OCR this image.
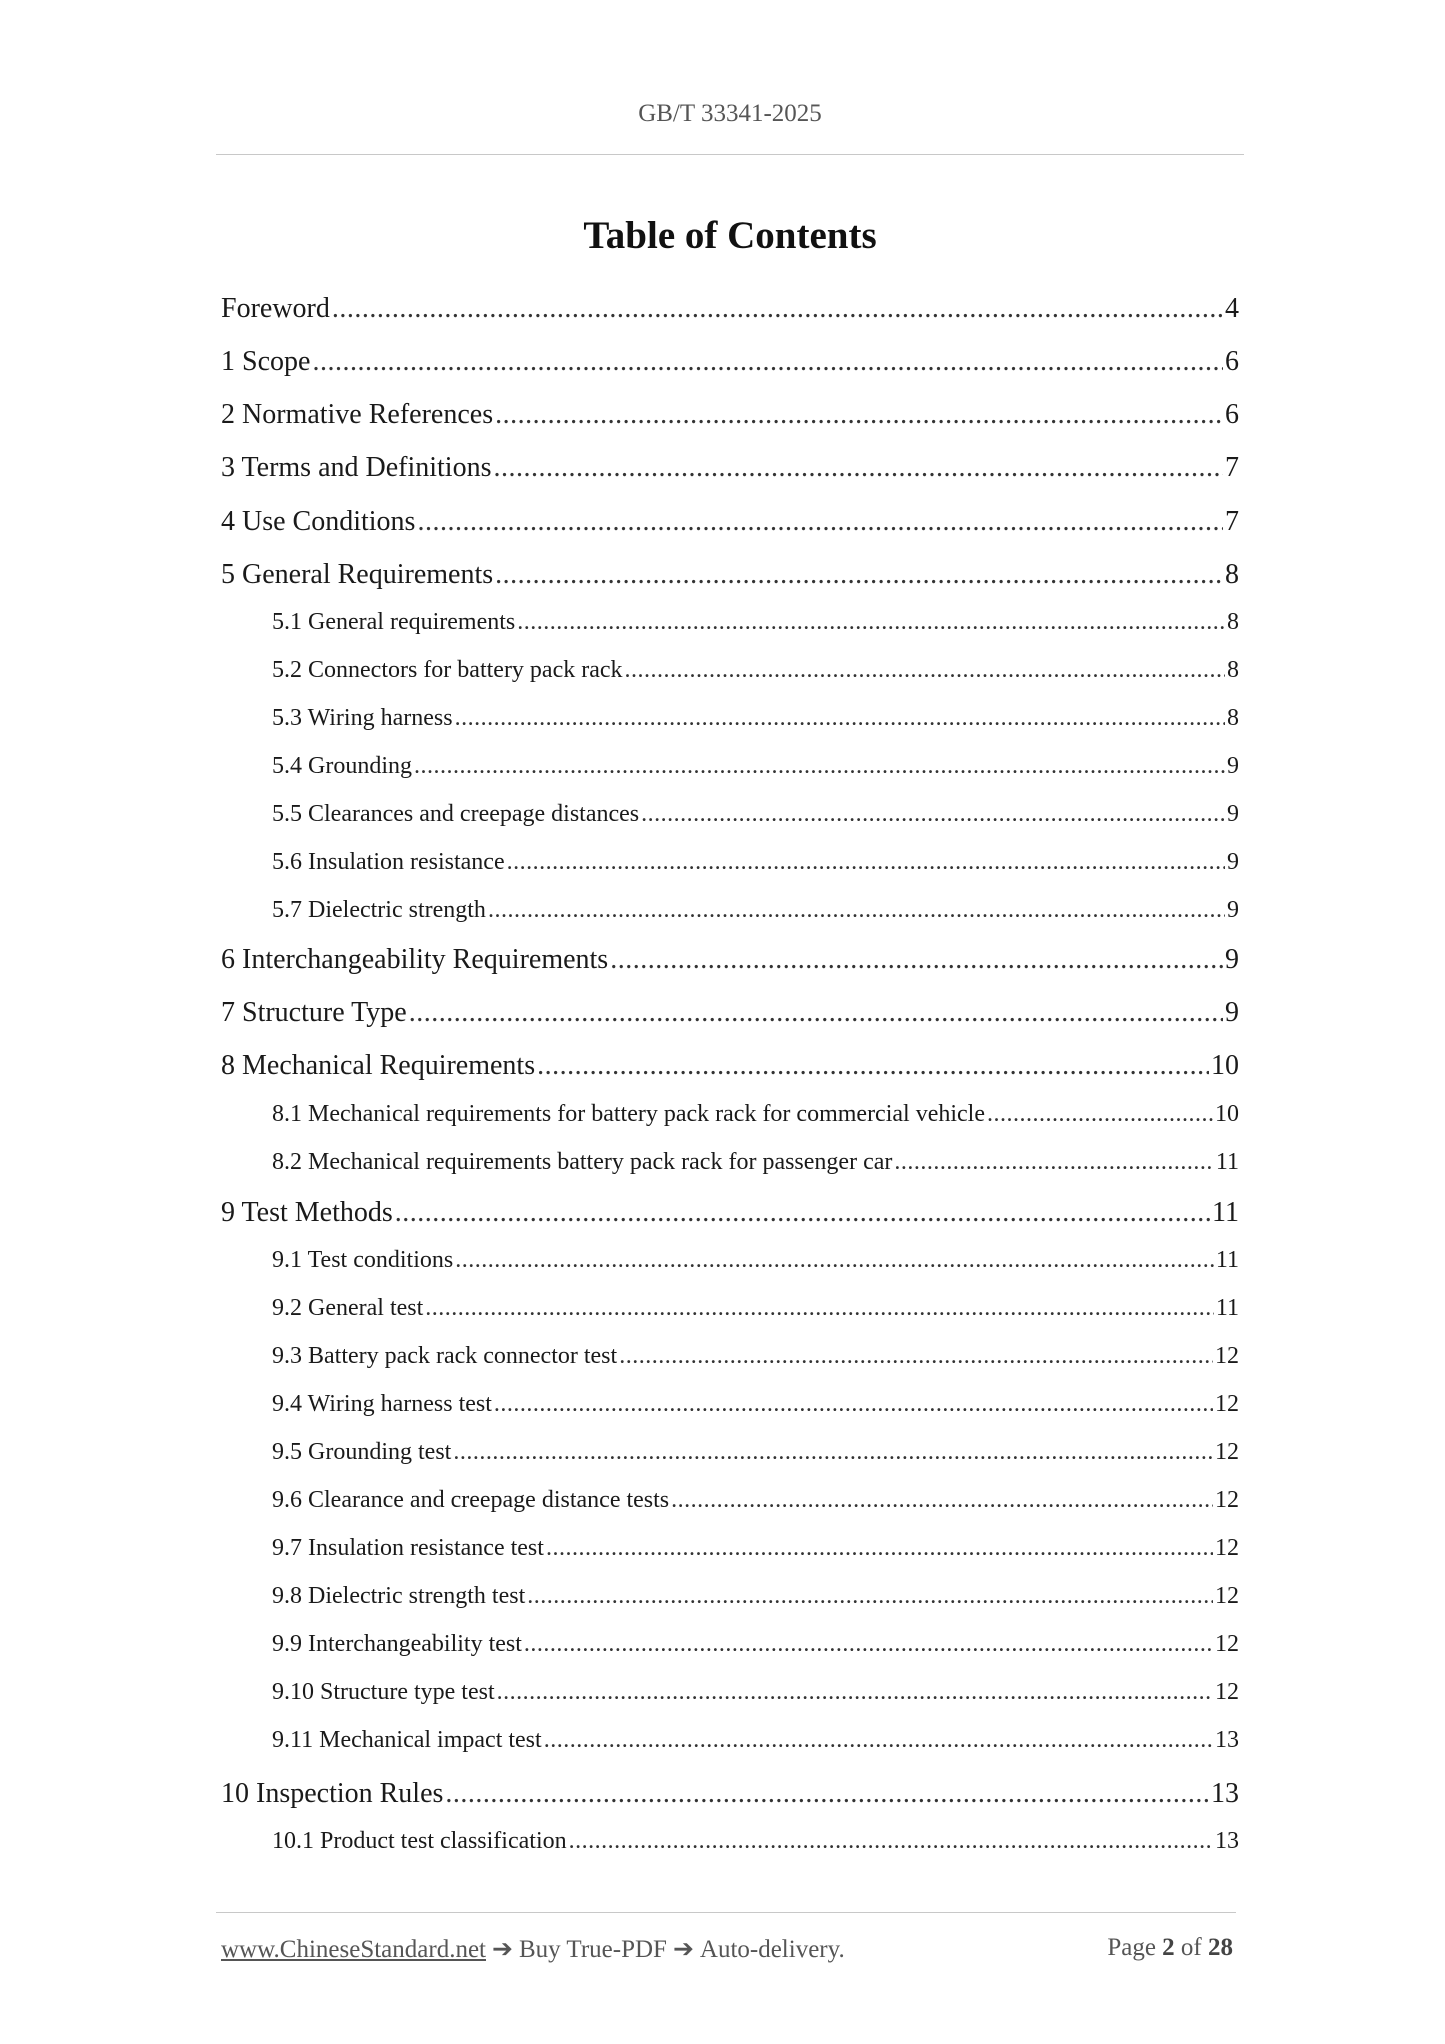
GB/T 33341-2025
Table of Contents
Foreword .....	4
1 Scope .....	6
2 Normative References .....	6
3 Terms and Definitions .....	7
4 Use Conditions .....	7
5 General Requirements .....	8
5.1 General requirements .....	8
5.2 Connectors for battery pack rack .....	8
5.3 Wiring harness .....	8
5.4 Grounding .....	9
5.5 Clearances and creepage distances .....	9
5.6 Insulation resistance .....	9
5.7 Dielectric strength .....	9
6 Interchangeability Requirements .....	9
7 Structure Type .....	9
8 Mechanical Requirements .....	10
8.1 Mechanical requirements for battery pack rack for commercial vehicle .....	10
8.2 Mechanical requirements battery pack rack for passenger car .....	11
9 Test Methods .....	11
9.1 Test conditions .....	11
9.2 General test .....	11
9.3 Battery pack rack connector test .....	12
9.4 Wiring harness test .....	12
9.5 Grounding test .....	12
9.6 Clearance and creepage distance tests .....	12
9.7 Insulation resistance test .....	12
9.8 Dielectric strength test .....	12
9.9 Interchangeability test .....	12
9.10 Structure type test .....	12
9.11 Mechanical impact test .....	13
10 Inspection Rules .....	13
10.1 Product test classification .....	13
www.ChineseStandard.net ➔ Buy True-PDF ➔ Auto-delivery.	Page 2 of 28
